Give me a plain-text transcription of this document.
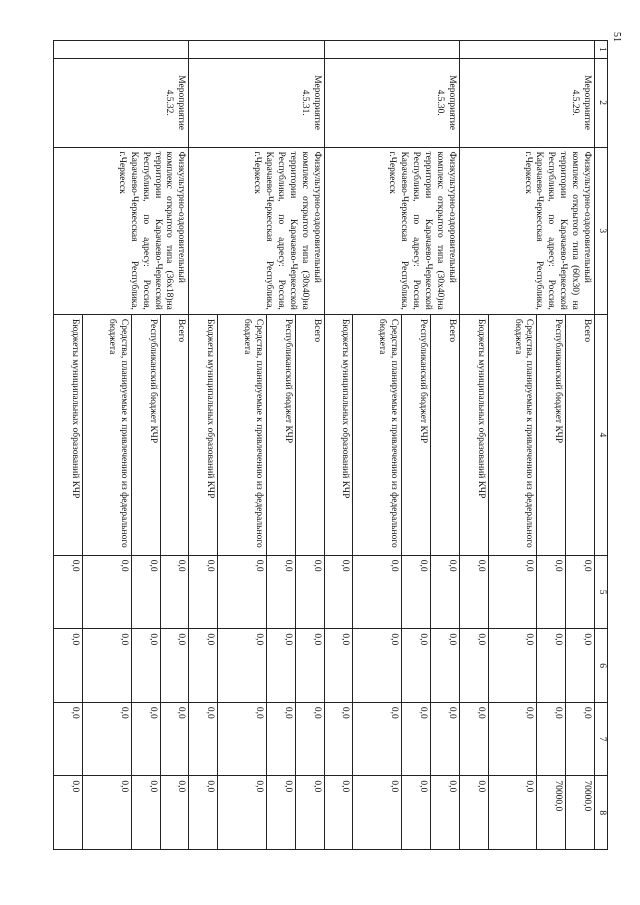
51
1	2	3	4	5	6	7	8
	Мероприятие 4.5.29.	Физкультурно-оздоровительный комплекс открытого типа (60х30) на территории Карачаево-Черкесской Республики, по адресу: Россия, Карачаево-Черкесская Республика, г.Черкесск	Всего	0,0	0,0	0,0	70000,0
			Республиканский бюджет КЧР	0,0	0,0	0,0	70000,0
			Средства, планируемые к привлечению из федерального бюджета	0,0	0,0	0,0	0,0
			Бюджеты муниципальных образований КЧР	0,0	0,0	0,0	0,0
	Мероприятие 4.5.30.	Физкультурно-оздоровительный комплекс открытого типа (30х40)на территории Карачаево-Черкесской Республики, по адресу: Россия, Карачаево-Черкесская Республика, г.Черкесск	Всего	0,0	0,0	0,0	0,0
			Республиканский бюджет КЧР	0,0	0,0	0,0	0,0
			Средства, планируемые к привлечению из федерального бюджета	0,0	0,0	0,0	0,0
			Бюджеты муниципальных образований КЧР	0,0	0,0	0,0	0,0
	Мероприятие 4.5.31.	Физкультурно-оздоровительный комплекс открытого типа (30х40)на территории Карачаево-Черкесской Республики, по адресу: Россия, Карачаево-Черкесская Республика, г.Черкесск	Всего	0,0	0,0	0,0	0,0
			Республиканский бюджет КЧР	0,0	0,0	0,0	0,0
			Средства, планируемые к привлечению из федерального бюджета	0,0	0,0	0,0	0,0
			Бюджеты муниципальных образований КЧР	0,0	0,0	0,0	0,0
	Мероприятие 4.5.32.	Физкультурно-оздоровительный комплекс открытого типа (36х18)на территории Карачаево-Черкесской Республики, по адресу: Россия, Карачаево-Черкесская Республика, г.Черкесск	Всего	0,0	0,0	0,0	0,0
			Республиканский бюджет КЧР	0,0	0,0	0,0	0,0
			Средства, планируемые к привлечению из федерального бюджета	0,0	0,0	0,0	0,0
			Бюджеты муниципальных образований КЧР	0,0	0,0	0,0	0,0
